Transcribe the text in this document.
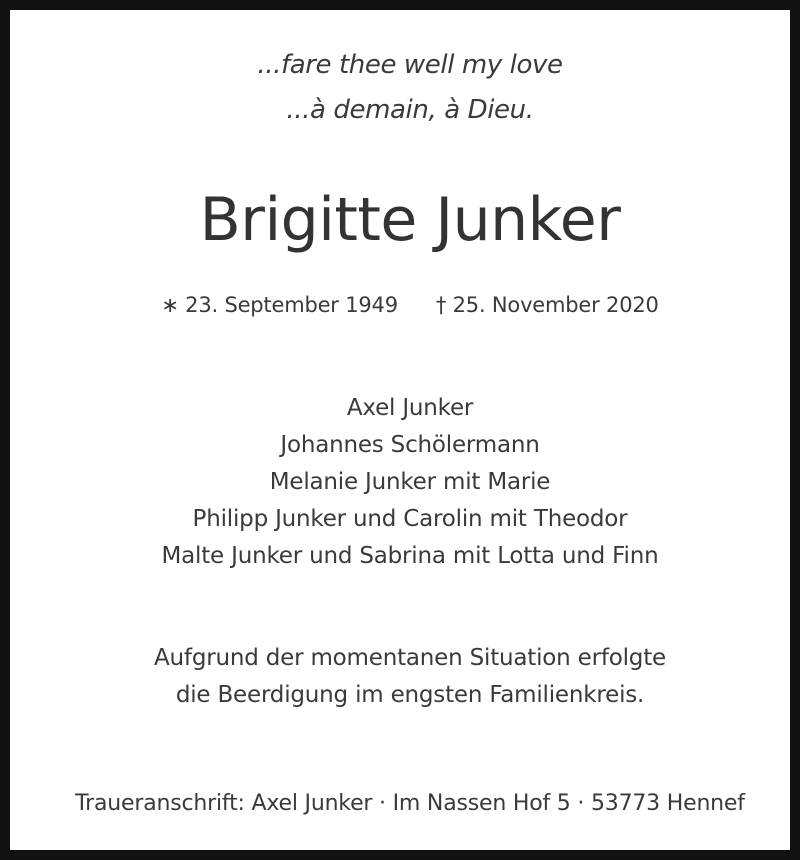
...fare thee well my love
...à demain, à Dieu.
Brigitte Junker
∗ 23. September 1949 † 25. November 2020
Axel Junker
Johannes Schölermann
Melanie Junker mit Marie
Philipp Junker und Carolin mit Theodor
Malte Junker und Sabrina mit Lotta und Finn
Aufgrund der momentanen Situation erfolgte
die Beerdigung im engsten Familienkreis.
Traueranschrift: Axel Junker · Im Nassen Hof 5 · 53773 Hennef
